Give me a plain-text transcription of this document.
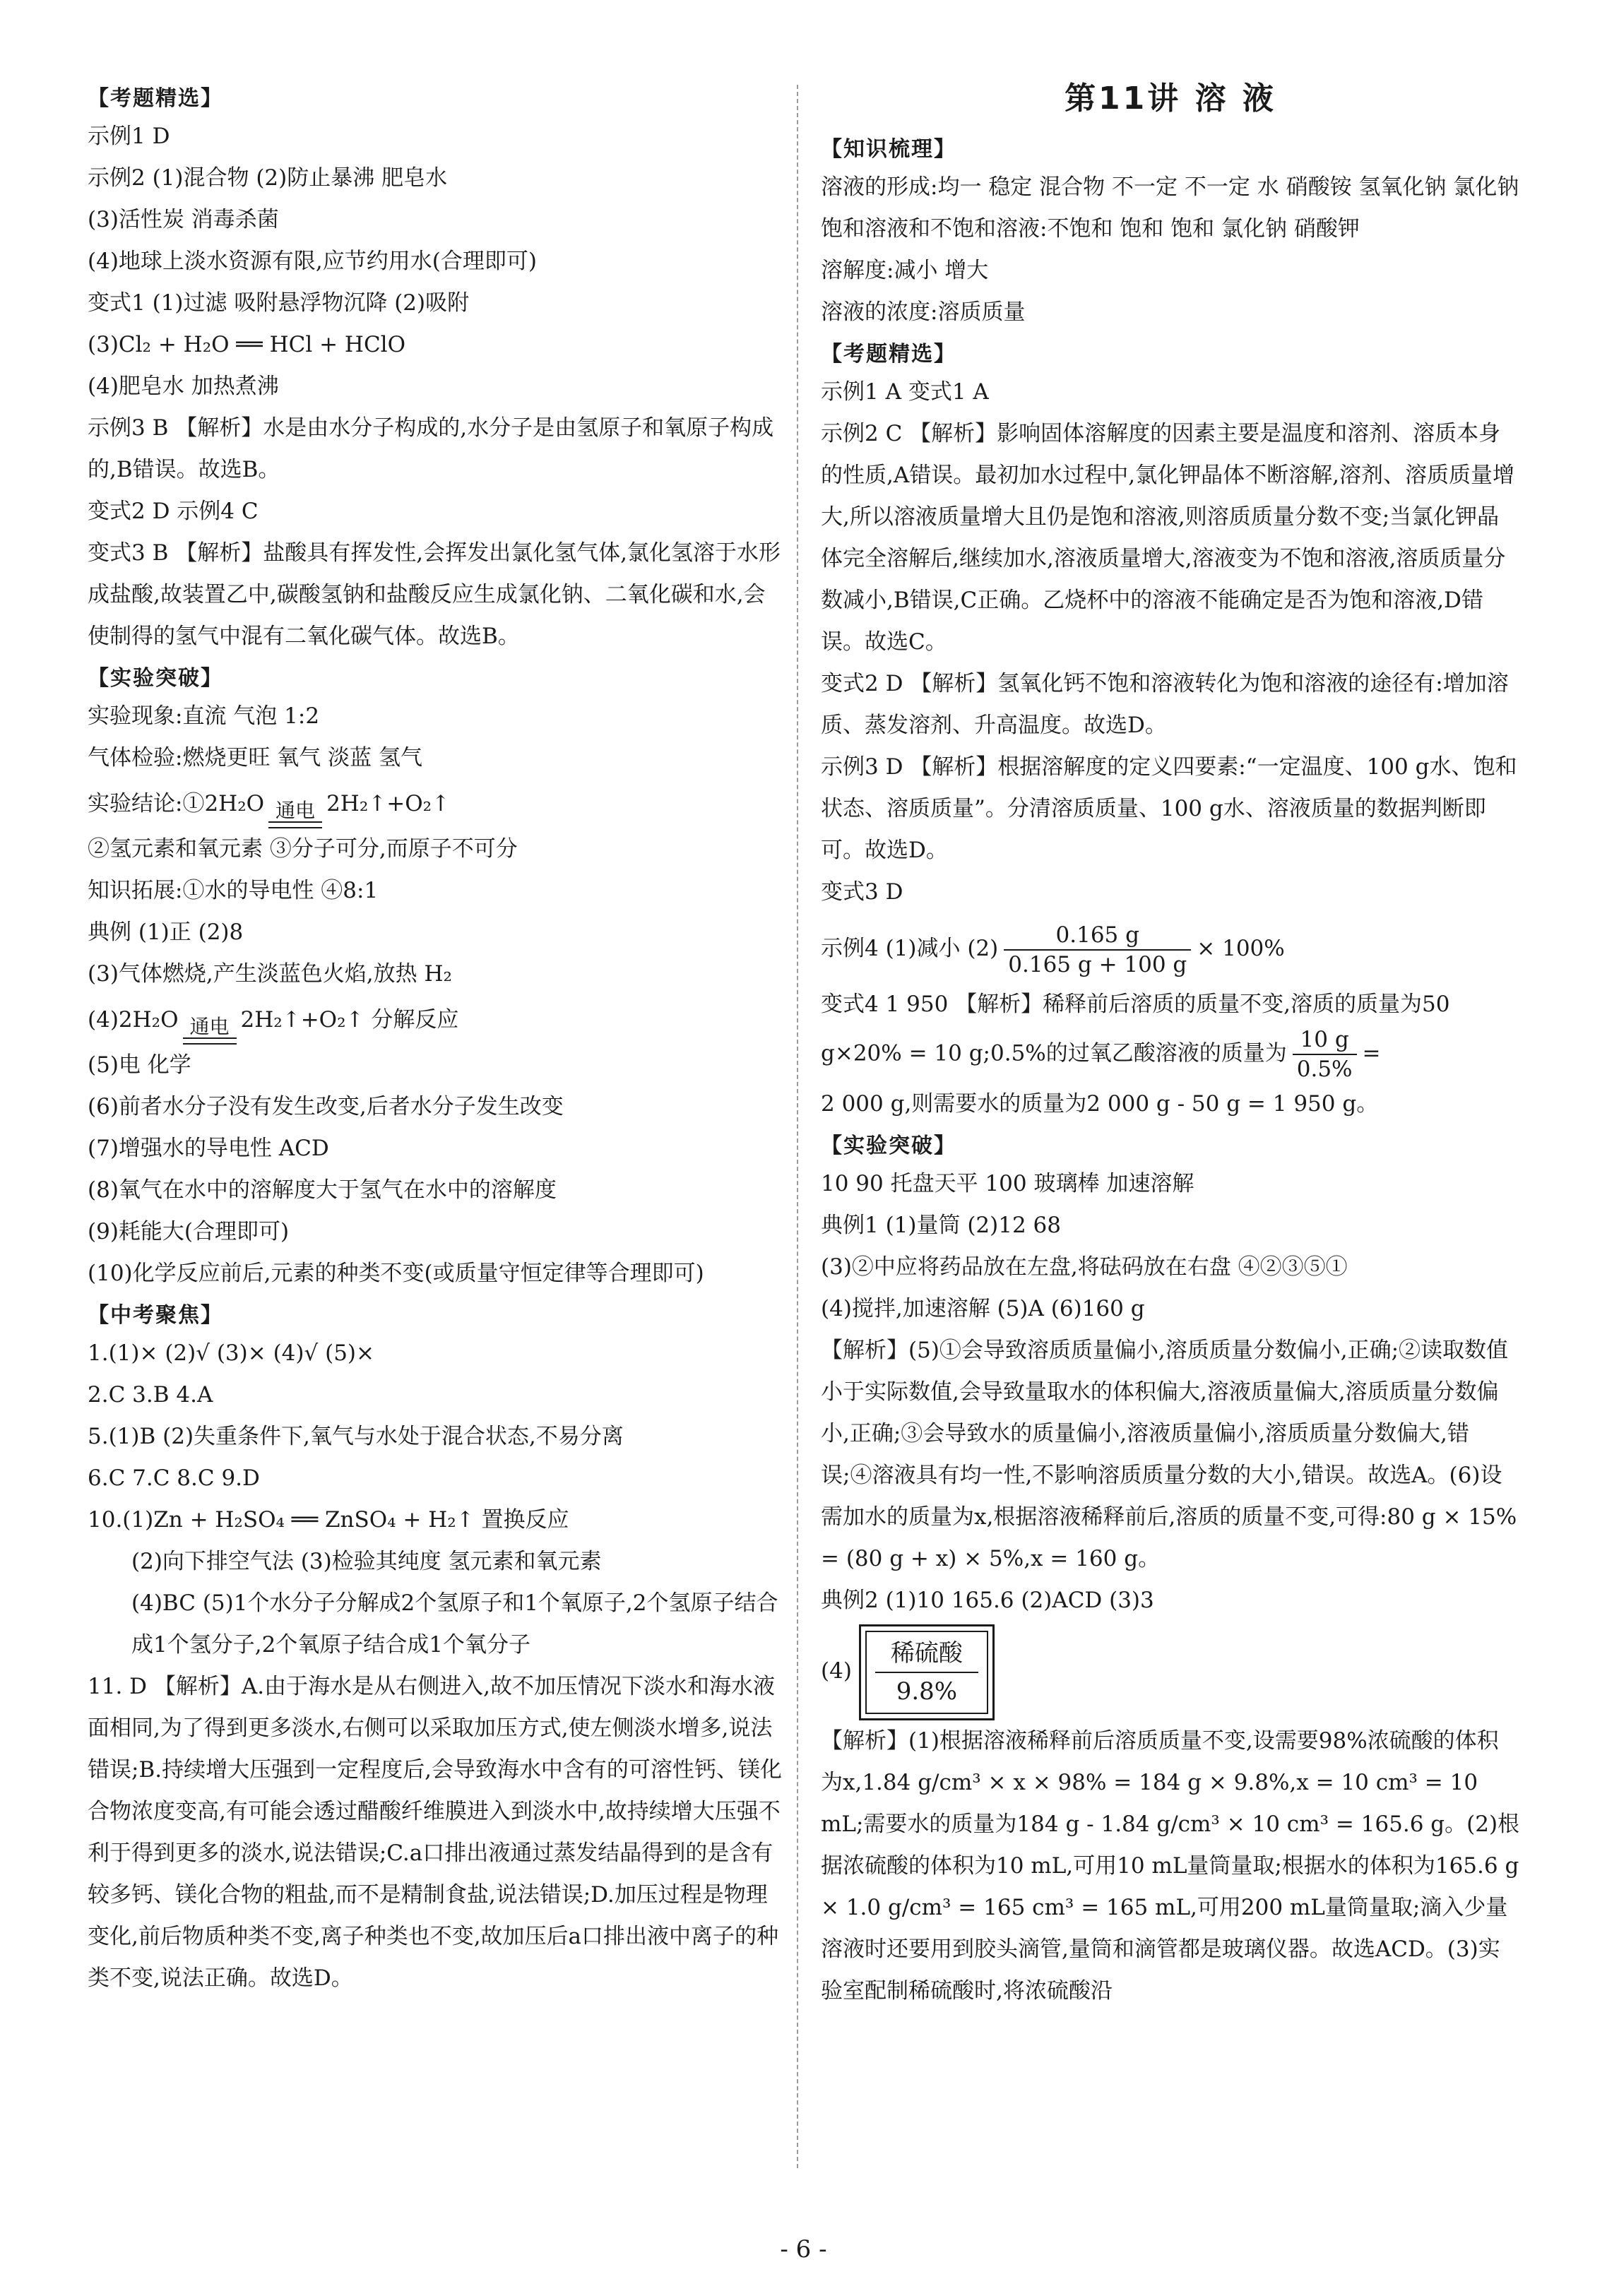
【考题精选】
示例1 D
示例2 (1)混合物 (2)防止暴沸 肥皂水
(3)活性炭 消毒杀菌
(4)地球上淡水资源有限,应节约用水(合理即可)
变式1 (1)过滤 吸附悬浮物沉降 (2)吸附
(3)Cl₂ + H₂O ══ HCl + HClO
(4)肥皂水 加热煮沸
示例3 B 【解析】水是由水分子构成的,水分子是由氢原子和氧原子构成的,B错误。故选B。
变式2 D 示例4 C
变式3 B 【解析】盐酸具有挥发性,会挥发出氯化氢气体,氯化氢溶于水形成盐酸,故装置乙中,碳酸氢钠和盐酸反应生成氯化钠、二氧化碳和水,会使制得的氢气中混有二氧化碳气体。故选B。
【实验突破】
实验现象:直流 气泡 1:2
气体检验:燃烧更旺 氧气 淡蓝 氢气
实验结论:①2H₂O 通电 2H₂↑+O₂↑
②氢元素和氧元素 ③分子可分,而原子不可分
知识拓展:①水的导电性 ④8:1
典例 (1)正 (2)8
(3)气体燃烧,产生淡蓝色火焰,放热 H₂
(4)2H₂O 通电 2H₂↑+O₂↑ 分解反应
(5)电 化学
(6)前者水分子没有发生改变,后者水分子发生改变
(7)增强水的导电性 ACD
(8)氧气在水中的溶解度大于氢气在水中的溶解度
(9)耗能大(合理即可)
(10)化学反应前后,元素的种类不变(或质量守恒定律等合理即可)
【中考聚焦】
1.(1)× (2)√ (3)× (4)√ (5)×
2.C 3.B 4.A
5.(1)B (2)失重条件下,氧气与水处于混合状态,不易分离
6.C 7.C 8.C 9.D
10.(1)Zn + H₂SO₄ ══ ZnSO₄ + H₂↑ 置换反应
(2)向下排空气法 (3)检验其纯度 氢元素和氧元素
(4)BC (5)1个水分子分解成2个氢原子和1个氧原子,2个氢原子结合成1个氢分子,2个氧原子结合成1个氧分子
11. D 【解析】A.由于海水是从右侧进入,故不加压情况下淡水和海水液面相同,为了得到更多淡水,右侧可以采取加压方式,使左侧淡水增多,说法错误;B.持续增大压强到一定程度后,会导致海水中含有的可溶性钙、镁化合物浓度变高,有可能会透过醋酸纤维膜进入到淡水中,故持续增大压强不利于得到更多的淡水,说法错误;C.a口排出液通过蒸发结晶得到的是含有较多钙、镁化合物的粗盐,而不是精制食盐,说法错误;D.加压过程是物理变化,前后物质种类不变,离子种类也不变,故加压后a口排出液中离子的种类不变,说法正确。故选D。
第11讲 溶 液
【知识梳理】
溶液的形成:均一 稳定 混合物 不一定 不一定 水 硝酸铵 氢氧化钠 氯化钠
饱和溶液和不饱和溶液:不饱和 饱和 饱和 氯化钠 硝酸钾
溶解度:减小 增大
溶液的浓度:溶质质量
【考题精选】
示例1 A 变式1 A
示例2 C 【解析】影响固体溶解度的因素主要是温度和溶剂、溶质本身的性质,A错误。最初加水过程中,氯化钾晶体不断溶解,溶剂、溶质质量增大,所以溶液质量增大且仍是饱和溶液,则溶质质量分数不变;当氯化钾晶体完全溶解后,继续加水,溶液质量增大,溶液变为不饱和溶液,溶质质量分数减小,B错误,C正确。乙烧杯中的溶液不能确定是否为饱和溶液,D错误。故选C。
变式2 D 【解析】氢氧化钙不饱和溶液转化为饱和溶液的途径有:增加溶质、蒸发溶剂、升高温度。故选D。
示例3 D 【解析】根据溶解度的定义四要素:“一定温度、100 g水、饱和状态、溶质质量”。分清溶质质量、100 g水、溶液质量的数据判断即可。故选D。
变式3 D
示例4 (1)减小 $(2) \frac{0.165 g}{0.165 g + 100 g} \times 100\%$
变式4 1 950 【解析】稀释前后溶质的质量不变,溶质的质量为50 g×20% = 10 g;0.5%的过氧乙酸溶液的质量为 $\frac{10 g}{0.5\%}$ =
2 000 g,则需要水的质量为2 000 g - 50 g = 1 950 g。
【实验突破】
10 90 托盘天平 100 玻璃棒 加速溶解
典例1 (1)量筒 (2)12 68
(3)②中应将药品放在左盘,将砝码放在右盘 ④②③⑤①
(4)搅拌,加速溶解 (5)A (6)160 g
【解析】(5)①会导致溶质质量偏小,溶质质量分数偏小,正确;②读取数值小于实际数值,会导致量取水的体积偏大,溶液质量偏大,溶质质量分数偏小,正确;③会导致水的质量偏小,溶液质量偏小,溶质质量分数偏大,错误;④溶液具有均一性,不影响溶质质量分数的大小,错误。故选A。(6)设需加水的质量为x,根据溶液稀释前后,溶质的质量不变,可得:80 g × 15% = (80 g + x) × 5%,x = 160 g。
典例2 (1)10 165.6 (2)ACD (3)3
(4)
稀硫酸
9.8%
【解析】(1)根据溶液稀释前后溶质质量不变,设需要98%浓硫酸的体积为x,1.84 g/cm³ × x × 98% = 184 g × 9.8%,x = 10 cm³ = 10 mL;需要水的质量为184 g - 1.84 g/cm³ × 10 cm³ = 165.6 g。(2)根据浓硫酸的体积为10 mL,可用10 mL量筒量取;根据水的体积为165.6 g × 1.0 g/cm³ = 165 cm³ = 165 mL,可用200 mL量筒量取;滴入少量溶液时还要用到胶头滴管,量筒和滴管都是玻璃仪器。故选ACD。(3)实验室配制稀硫酸时,将浓硫酸沿
- 6 -
